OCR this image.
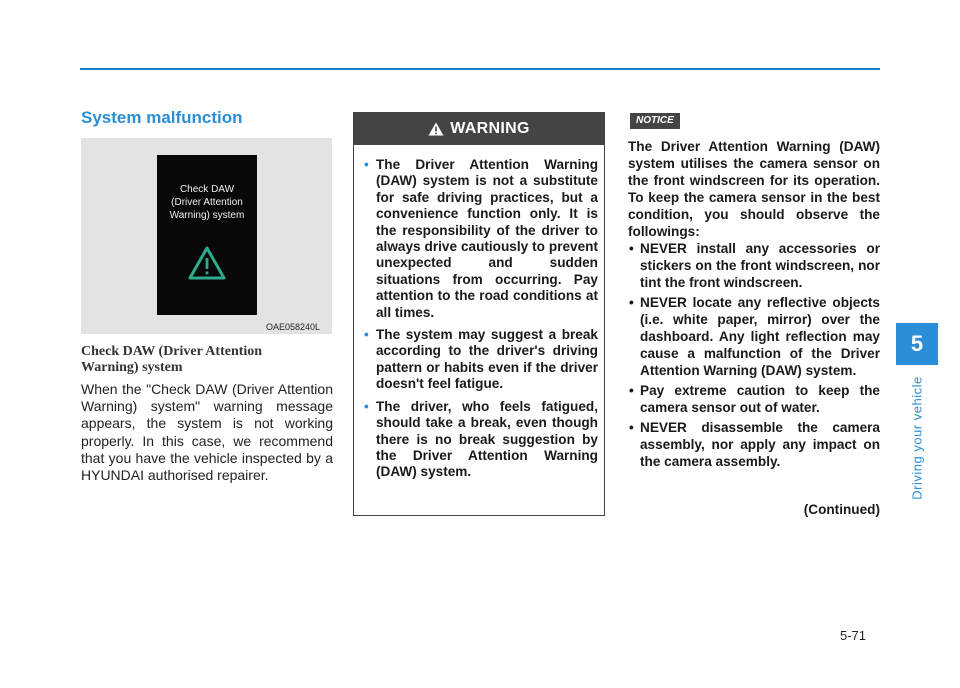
System malfunction
Check DAW
(Driver Attention
Warning) system
OAE058240L
Check DAW (Driver Attention Warning) system
When the "Check DAW (Driver Attention Warning) system" warning message appears, the system is not working properly. In this case, we recommend that you have the vehicle inspected by a HYUNDAI authorised repairer.
WARNING
• The Driver Attention Warning (DAW) system is not a substitute for safe driving practices, but a convenience function only. It is the responsibility of the driver to always drive cautiously to prevent unexpected and sudden situations from occurring. Pay attention to the road conditions at all times.
• The system may suggest a break according to the driver's driving pattern or habits even if the driver doesn't feel fatigue.
• The driver, who feels fatigued, should take a break, even though there is no break suggestion by the Driver Attention Warning (DAW) system.
NOTICE
The Driver Attention Warning (DAW) system utilises the camera sensor on the front windscreen for its operation. To keep the camera sensor in the best condition, you should observe the followings:
• NEVER install any accessories or stickers on the front windscreen, nor tint the front windscreen.
• NEVER locate any reflective objects (i.e. white paper, mirror) over the dashboard. Any light reflection may cause a malfunction of the Driver Attention Warning (DAW) system.
• Pay extreme caution to keep the camera sensor out of water.
• NEVER disassemble the camera assembly, nor apply any impact on the camera assembly.
(Continued)
5
Driving your vehicle
5-71
